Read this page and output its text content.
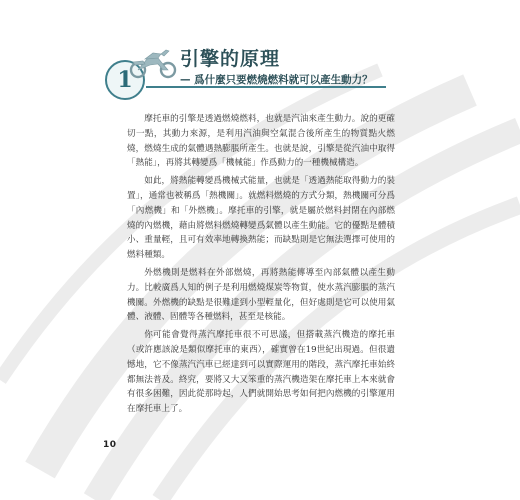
1
引擎的原理
— 爲什麼只要燃燒燃料就可以產生動力？

摩托車的引擎是透過燃燒燃料，也就是汽油來產生動力。說的更確切一點，其動力來源，是利用汽油與空氣混合後所產生的物質點火燃燒，燃燒生成的氣體遇熱膨脹所產生。也就是說，引擎是從汽油中取得「熱能」，再將其轉變爲「機械能」作爲動力的一種機械構造。

如此，將熱能轉變爲機械式能量，也就是「透過熱能取得動力的裝置」，通常也被稱爲「熱機關」。就燃料燃燒的方式分類，熱機關可分爲「內燃機」和「外燃機」。摩托車的引擎，就是屬於燃料封閉在內部燃燒的內燃機，藉由將燃料燃燒轉變爲氣體以產生動能。它的優點是體積小、重量輕，且可有效率地轉換熱能；而缺點則是它無法選擇可使用的燃料種類。

外燃機則是燃料在外部燃燒，再將熱能傳導至內部氣體以產生動力。比較廣爲人知的例子是利用燃燒煤炭等物質，使水蒸汽膨脹的蒸汽機關。外燃機的缺點是很難達到小型輕量化，但好處則是它可以使用氣體、液體、固體等各種燃料，甚至是核能。

你可能會覺得蒸汽摩托車很不可思議，但搭載蒸汽機造的摩托車（或許應該說是類似摩托車的東西），確實曾在19世紀出現過。但很遺憾地，它不像蒸汽汽車已經達到可以實際運用的階段，蒸汽摩托車始終都無法普及。終究，要將又大又笨重的蒸汽機造架在摩托車上本來就會有很多困難，因此從那時起，人們就開始思考如何把內燃機的引擎運用在摩托車上了。

10
